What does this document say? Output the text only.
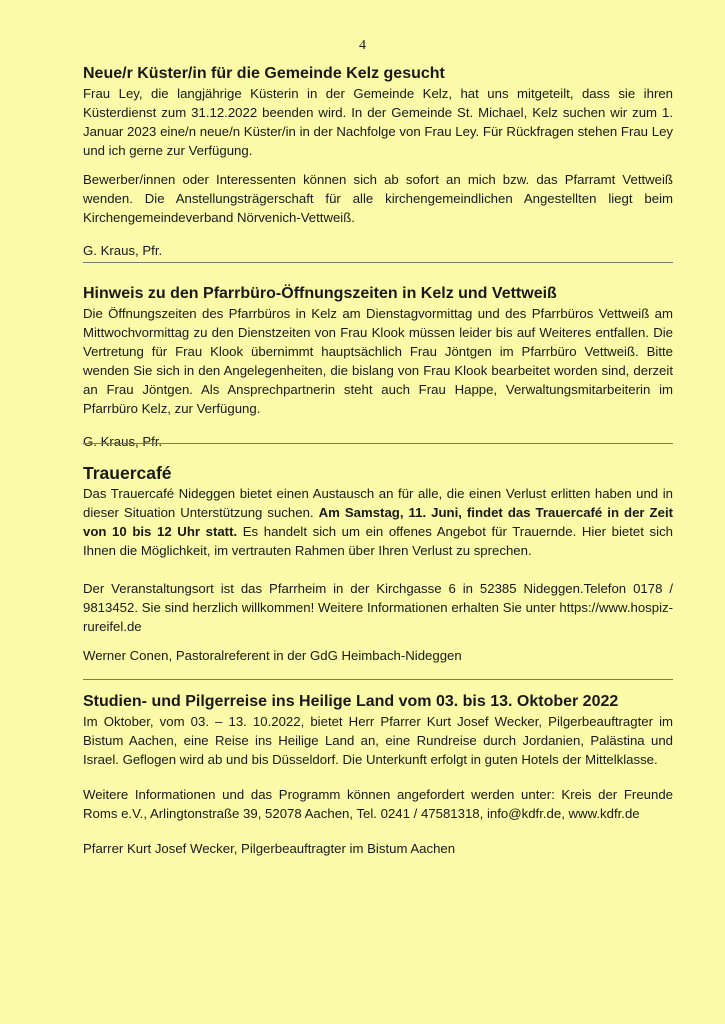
4
Neue/r Küster/in für die Gemeinde Kelz gesucht

Frau Ley, die langjährige Küsterin in der Gemeinde Kelz, hat uns mitgeteilt, dass sie ihren Küsterdienst zum 31.12.2022 beenden wird. In der Gemeinde St. Michael, Kelz suchen wir zum 1. Januar 2023 eine/n neue/n Küster/in in der Nachfolge von Frau Ley. Für Rückfragen stehen Frau Ley und ich gerne zur Verfügung.

Bewerber/innen oder Interessenten können sich ab sofort an mich bzw. das Pfarramt Vettweiß wenden. Die Anstellungsträgerschaft für alle kirchengemeindlichen Angestellten liegt beim Kirchengemeindeverband Nörvenich-Vettweiß.

G. Kraus, Pfr.

Hinweis zu den Pfarrbüro-Öffnungszeiten in Kelz und Vettweiß

Die Öffnungszeiten des Pfarrbüros in Kelz am Dienstagvormittag und des Pfarrbüros Vettweiß am Mittwochvormittag zu den Dienstzeiten von Frau Klook müssen leider bis auf Weiteres entfallen. Die Vertretung für Frau Klook übernimmt hauptsächlich Frau Jöntgen im Pfarrbüro Vettweiß. Bitte wenden Sie sich in den Angelegenheiten, die bislang von Frau Klook bearbeitet worden sind, derzeit an Frau Jöntgen. Als Ansprechpartnerin steht auch Frau Happe, Verwaltungsmitarbeiterin im Pfarrbüro Kelz, zur Verfügung.

G. Kraus, Pfr.

Trauercafé

Das Trauercafé Nideggen bietet einen Austausch an für alle, die einen Verlust erlitten haben und in dieser Situation Unterstützung suchen. Am Samstag, 11. Juni, findet das Trauercafé in der Zeit von 10 bis 12 Uhr statt. Es handelt sich um ein offenes Angebot für Trauernde. Hier bietet sich Ihnen die Möglichkeit, im vertrauten Rahmen über Ihren Verlust zu sprechen.

Der Veranstaltungsort ist das Pfarrheim in der Kirchgasse 6 in 52385 Nideggen.Telefon 0178 / 9813452. Sie sind herzlich willkommen! Weitere Informationen erhalten Sie unter https://www.hospiz-rureifel.de

Werner Conen, Pastoralreferent in der GdG Heimbach-Nideggen

Studien- und Pilgerreise ins Heilige Land vom 03. bis 13. Oktober 2022

Im Oktober, vom 03. – 13. 10.2022, bietet Herr Pfarrer Kurt Josef Wecker, Pilgerbeauftragter im Bistum Aachen, eine Reise ins Heilige Land an, eine Rundreise durch Jordanien, Palästina und Israel. Geflogen wird ab und bis Düsseldorf. Die Unterkunft erfolgt in guten Hotels der Mittelklasse.

Weitere Informationen und das Programm können angefordert werden unter: Kreis der Freunde Roms e.V., Arlingtonstraße 39, 52078 Aachen, Tel. 0241 / 47581318, info@kdfr.de, www.kdfr.de

Pfarrer Kurt Josef Wecker, Pilgerbeauftragter im Bistum Aachen
